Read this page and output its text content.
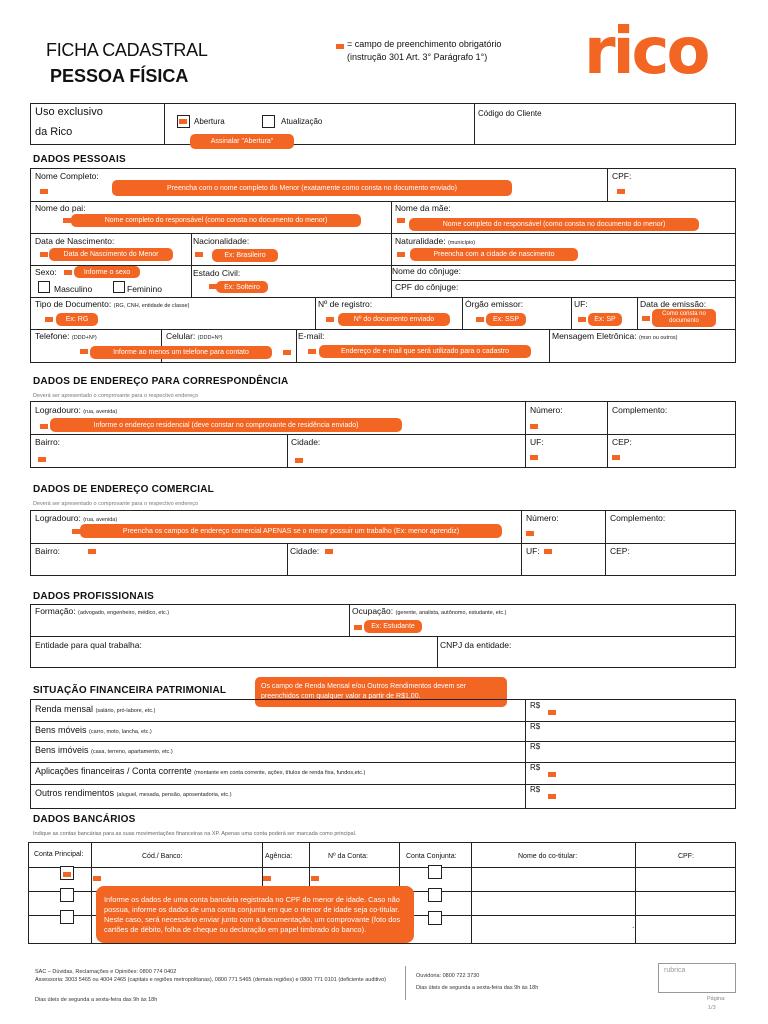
FICHA CADASTRAL
PESSOA FÍSICA
= campo de preenchimento obrigatório
(instrução 301 Art. 3° Parágrafo 1°) rico
Uso exclusivo
da Rico
Abertura	Atualização
Código do Cliente
Assinalar "Abertura"
DADOS PESSOAIS
Nome Completo:
Preencha com o nome completo do Menor (exatamente como consta no documento enviado)
CPF:
Nome do pai:
Nome completo do responsável (como consta no documento do menor)
Nome da mãe:
Nome completo do responsável (como consta no documento do menor)
Data de Nascimento:
Data de Nascimento do Menor
Nacionalidade:
Ex: Brasileiro
Naturalidade: (município)
Preencha com a cidade de nascimento
Sexo:	Informe o sexo
Masculino	Feminino
Estado Civil:
Ex: Solteiro
Nome do cônjuge:
CPF do cônjuge:
Tipo de Documento: (RG, CNH, entidade de classe)
Ex: RG
Nº de registro:
Nº do documento enviado
Órgão emissor:
Ex: SSP
UF:
Ex: SP
Data de emissão:
Como consta no documento
Telefone: (DDD+Nº)
Informe ao menos um telefone para contato
Celular: (DDD+Nº)	E-mail:
Endereço de e-mail que será utilizado para o cadastro
Mensagem Eletrônica: (msn ou outros)
DADOS DE ENDEREÇO PARA CORRESPONDÊNCIA
Deverá ser apresentado o comprovante para o respectivo endereço
Logradouro: (rua, avenida)
Informe o endereço residencial (deve constar no comprovante de residência enviado)
Número:	Complemento:
Bairro:	Cidade:	UF:	CEP:
DADOS DE ENDEREÇO COMERCIAL
Deverá ser apresentado o comprovante para o respectivo endereço
Logradouro: (rua, avenida)
Preencha os campos de endereço comercial APENAS se o menor possuir um trabalho (Ex: menor aprendiz)
Número:	Complemento:
Bairro:	Cidade:	UF:	CEP:
DADOS PROFISSIONAIS
Formação: (advogado, engenheiro, médico, etc.)	Ocupação: (gerente, analista, autônomo, estudante, etc.)
Ex: Estudante
Entidade para qual trabalha:	CNPJ da entidade:
SITUAÇÃO FINANCEIRA PATRIMONIAL	Os campo de Renda Mensal e/ou Outros Rendimentos devem ser preenchidos com qualquer valor a partir de R$1,00.
Renda mensal (salário, pró-labore, etc.)
R$
Bens móveis (carro, moto, lancha, etc.)
R$
Bens imóveis (casa, terreno, apartamento, etc.)
R$
Aplicações financeiras / Conta corrente (montante em conta corrente, ações, títulos de renda fixa, fundos,etc.)
R$
Outros rendimentos (aluguel, mesada, pensão, aposentadoria, etc.)
R$
DADOS BANCÁRIOS
Indique as contas bancárias para as suas movimentações financeiras na XP. Apenas uma conta poderá ser marcada como principal.
Conta Principal:	Cód./ Banco:	Agência:	Nº da Conta:	Conta Conjunta:	Nome do co-titular:	CPF:
.
Informe os dados de uma conta bancária registrada no CPF do menor de idade. Caso não possua, informe os dados de uma conta conjunta em que o menor de idade seja co-titular. Neste caso, será necessário enviar junto com a documentação, um comprovante (foto dos cartões de débito, folha de cheque ou declaração em papel timbrado do banco).
SAC – Dúvidas, Reclamações e Opiniões: 0800 774 0402
Assessoria: 3003 5465 ou 4004 2465 (capitais e regiões metropolitanas), 0800 771 5465 (demais regiões) e 0800 771 0101 (deficiente auditivo)
Dias úteis de segunda a sexta-feira das 9h às 18h
Ouvidoria: 0800 722 3730
Dias úteis de segunda a sexta-feira das 9h às 18h
rubrica
Página:
1/3
